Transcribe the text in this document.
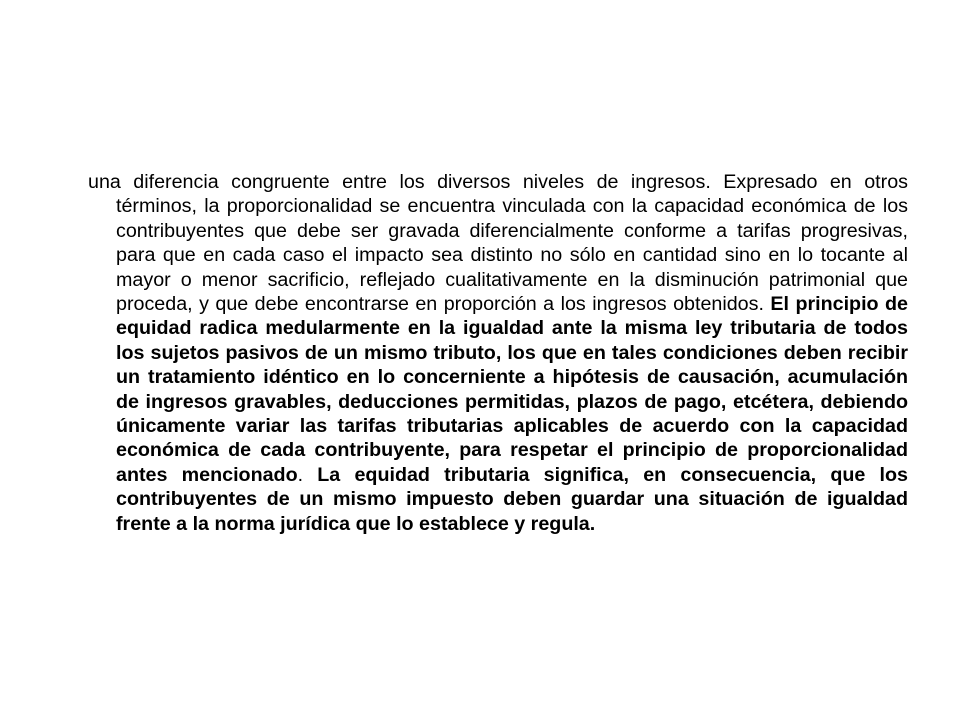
una diferencia congruente entre los diversos niveles de ingresos. Expresado en otros términos, la proporcionalidad se encuentra vinculada con la capacidad económica de los contribuyentes que debe ser gravada diferencialmente conforme a tarifas progresivas, para que en cada caso el impacto sea distinto no sólo en cantidad sino en lo tocante al mayor o menor sacrificio, reflejado cualitativamente en la disminución patrimonial que proceda, y que debe encontrarse en proporción a los ingresos obtenidos. El principio de equidad radica medularmente en la igualdad ante la misma ley tributaria de todos los sujetos pasivos de un mismo tributo, los que en tales condiciones deben recibir un tratamiento idéntico en lo concerniente a hipótesis de causación, acumulación de ingresos gravables, deducciones permitidas, plazos de pago, etcétera, debiendo únicamente variar las tarifas tributarias aplicables de acuerdo con la capacidad económica de cada contribuyente, para respetar el principio de proporcionalidad antes mencionado. La equidad tributaria significa, en consecuencia, que los contribuyentes de un mismo impuesto deben guardar una situación de igualdad frente a la norma jurídica que lo establece y regula.
